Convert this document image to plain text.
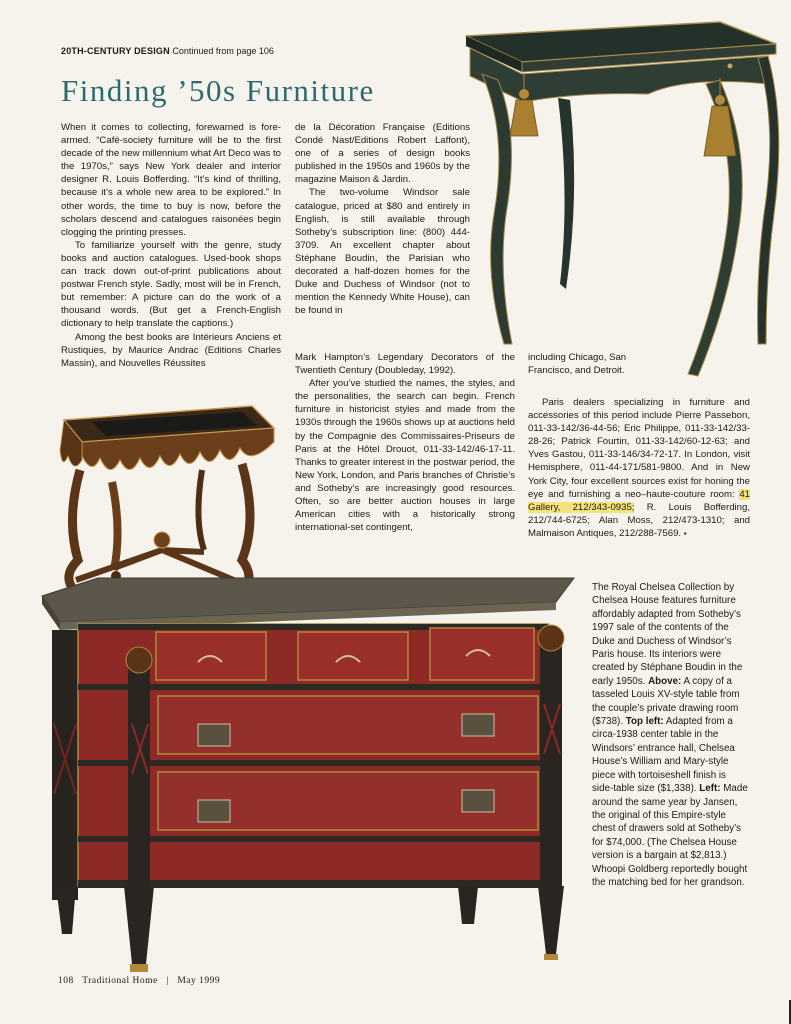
20TH-CENTURY DESIGN Continued from page 106
Finding ’50s Furniture

When it comes to collecting, forewarned is fore-armed. “Café-society furniture will be to the first decade of the new millennium what Art Deco was to the 1970s,” says New York dealer and interior designer R. Louis Bofferding. “It’s kind of thrilling, because it’s a whole new area to be explored.” In other words, the time to buy is now, before the scholars descend and catalogues raisonées begin clogging the printing presses.

To familiarize yourself with the genre, study books and auction catalogues. Used-book shops can track down out-of-print publications about postwar French style. Sadly, most will be in French, but remember: A picture can do the work of a thousand words. (But get a French-English dictionary to help translate the captions.)

Among the best books are Intérieurs Anciens et Rustiques, by Maurice Andrac (Editions Charles Massin), and Nouvelles Réussites

de la Décoration Française (Editions Condé Nast/Editions Robert Laffont), one of a series of design books published in the 1950s and 1960s by the magazine Maison & Jardin.

The two-volume Windsor sale catalogue, priced at $80 and entirely in English, is still available through Sotheby’s subscription line: (800) 444-3709. An excellent chapter about Stéphane Boudin, the Parisian who decorated a half-dozen homes for the Duke and Duchess of Windsor (not to mention the Kennedy White House), can be found in

Mark Hampton’s Legendary Decorators of the Twentieth Century (Doubleday, 1992).

After you’ve studied the names, the styles, and the personalities, the search can begin. French furniture in historicist styles and made from the 1930s through the 1960s shows up at auctions held by the Compagnie des Commissaires-Priseurs de Paris at the Hôtel Drouot, 011-33-142/46-17-11. Thanks to greater interest in the postwar period, the New York, London, and Paris branches of Christie’s and Sotheby’s are increasingly good resources. Often, so are better auction houses in large American cities with a historically strong international-set contingent,

including Chicago, San Francisco, and Detroit.

Paris dealers specializing in furniture and accessories of this period include Pierre Passebon, 011-33-142/36-44-56; Eric Philippe, 011-33-142/33-28-26; Patrick Fourtin, 011-33-142/60-12-63; and Yves Gastou, 011-33-146/34-72-17. In London, visit Hemisphere, 011-44-171/581-9800. And in New York City, four excellent sources exist for honing the eye and furnishing a neo–haute-couture room: 41 Gallery, 212/343-0935; R. Louis Bofferding, 212/744-6725; Alan Moss, 212/473-1310; and Malmaison Antiques, 212/288-7569. ▪

The Royal Chelsea Collection by Chelsea House features furniture affordably adapted from Sotheby’s 1997 sale of the contents of the Duke and Duchess of Windsor’s Paris house. Its interiors were created by Stéphane Boudin in the early 1950s. Above: A copy of a tasseled Louis XV-style table from the couple’s private drawing room ($738). Top left: Adapted from a circa-1938 center table in the Windsors’ entrance hall, Chelsea House’s William and Mary-style piece with tortoiseshell finish is side-table size ($1,338). Left: Made around the same year by Jansen, the original of this Empire-style chest of drawers sold at Sotheby’s for $74,000. (The Chelsea House version is a bargain at $2,813.) Whoopi Goldberg reportedly bought the matching bed for her grandson.
108 Traditional Home | May 1999
